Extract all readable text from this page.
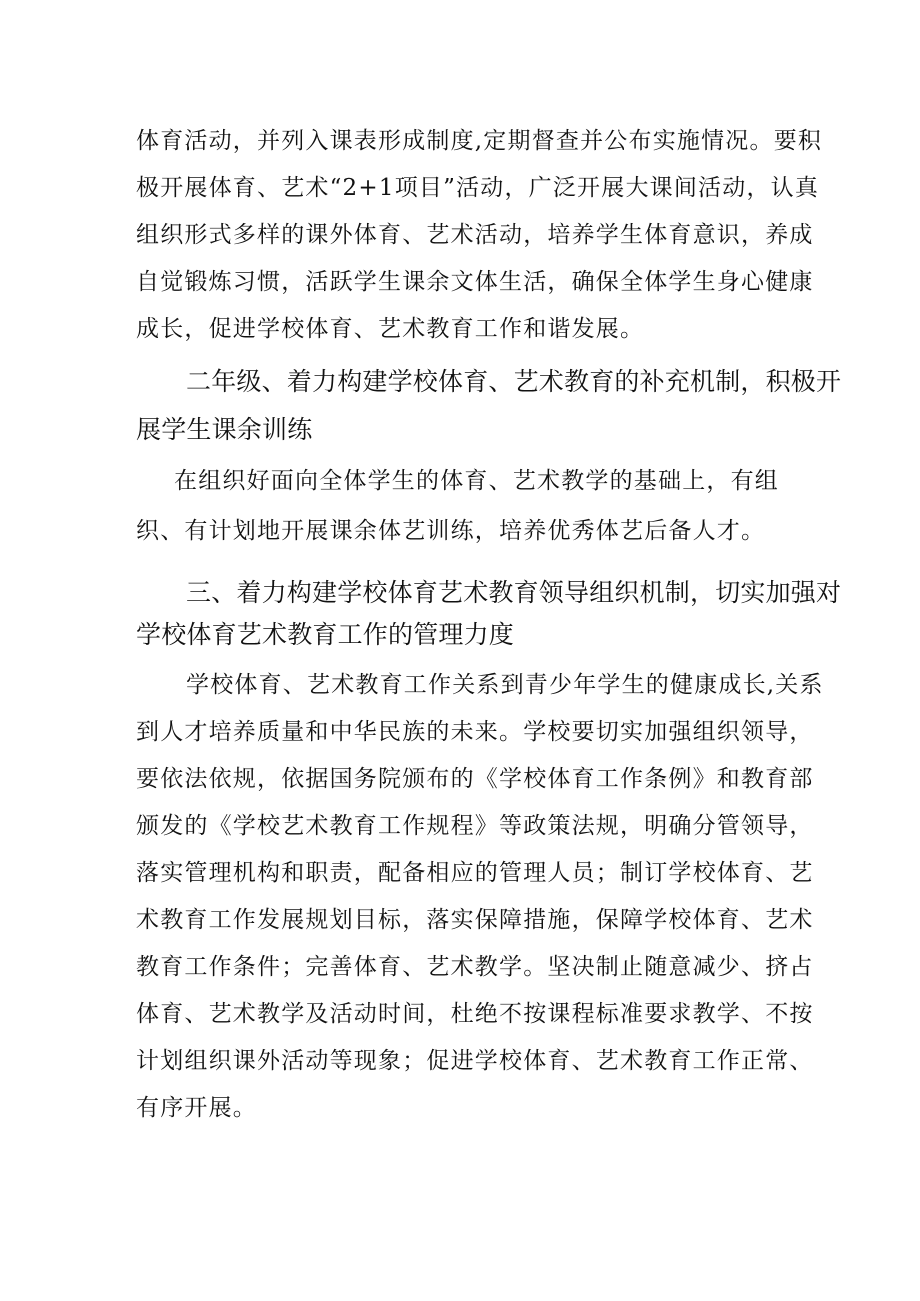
体育活动，并列入课表形成制度,定期督查并公布实施情况。要积

极开展体育、艺术“2+1项目”活动，广泛开展大课间活动，认真

组织形式多样的课外体育、艺术活动，培养学生体育意识，养成

自觉锻炼习惯，活跃学生课余文体生活，确保全体学生身心健康

成长，促进学校体育、艺术教育工作和谐发展。

二年级、着力构建学校体育、艺术教育的补充机制，积极开

展学生课余训练

在组织好面向全体学生的体育、艺术教学的基础上，有组

织、有计划地开展课余体艺训练，培养优秀体艺后备人才。

三、着力构建学校体育艺术教育领导组织机制，切实加强对

学校体育艺术教育工作的管理力度

学校体育、艺术教育工作关系到青少年学生的健康成长,关系

到人才培养质量和中华民族的未来。学校要切实加强组织领导，

要依法依规，依据国务院颁布的《学校体育工作条例》和教育部

颁发的《学校艺术教育工作规程》等政策法规，明确分管领导，

落实管理机构和职责，配备相应的管理人员；制订学校体育、艺

术教育工作发展规划目标，落实保障措施，保障学校体育、艺术

教育工作条件；完善体育、艺术教学。坚决制止随意减少、挤占

体育、艺术教学及活动时间，杜绝不按课程标准要求教学、不按

计划组织课外活动等现象；促进学校体育、艺术教育工作正常、

有序开展。
